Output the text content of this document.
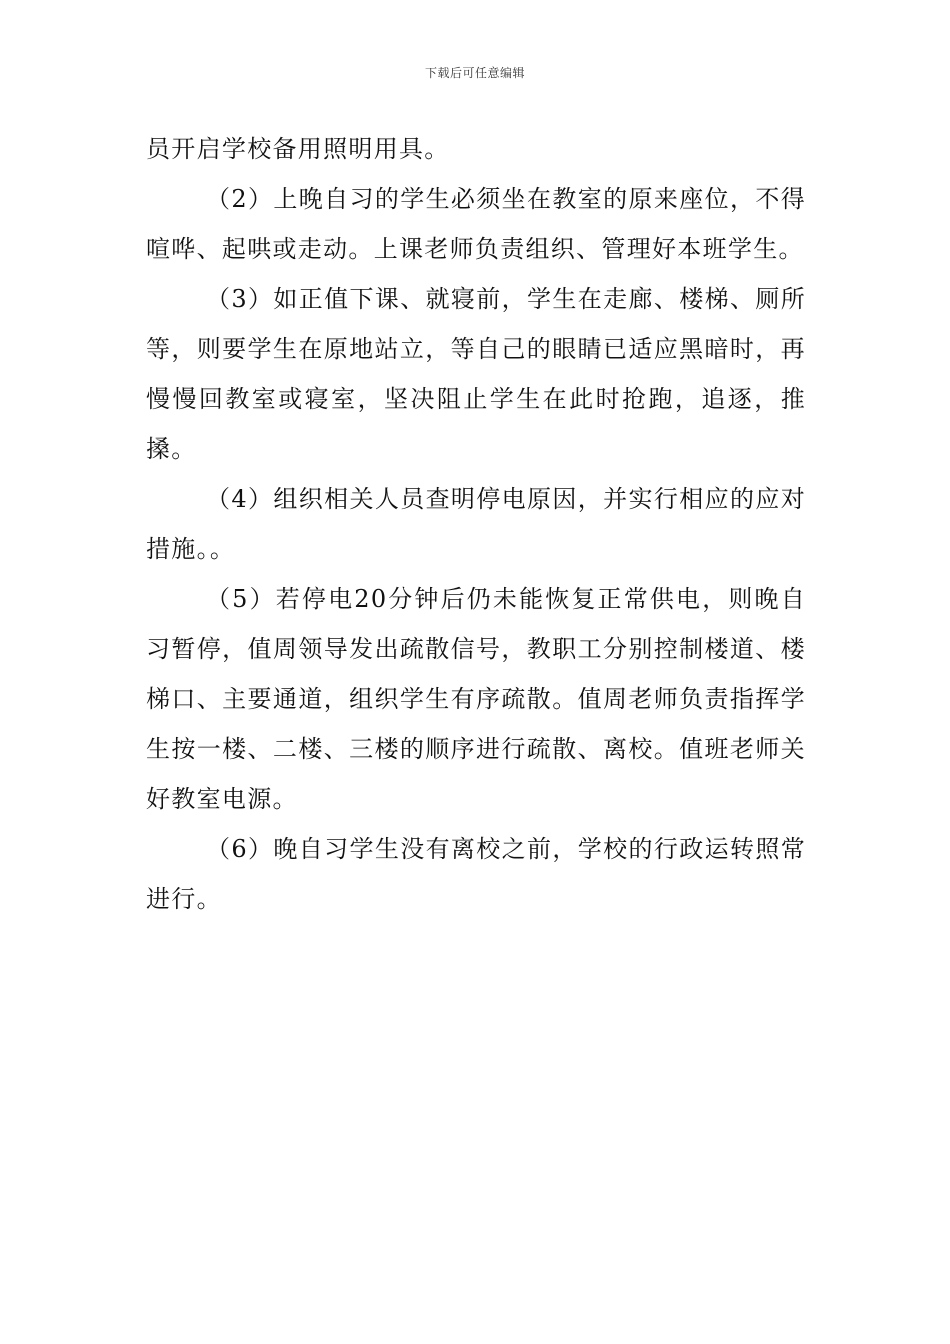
下载后可任意编辑

员开启学校备用照明用具。

（2）上晚自习的学生必须坐在教室的原来座位，不得喧哗、起哄或走动。上课老师负责组织、管理好本班学生。

（3）如正值下课、就寝前，学生在走廊、楼梯、厕所等，则要学生在原地站立，等自己的眼睛已适应黑暗时，再慢慢回教室或寝室，坚决阻止学生在此时抢跑，追逐，推搡。

（4）组织相关人员查明停电原因，并实行相应的应对措施。。

（5）若停电20分钟后仍未能恢复正常供电，则晚自习暂停，值周领导发出疏散信号，教职工分别控制楼道、楼梯口、主要通道，组织学生有序疏散。值周老师负责指挥学生按一楼、二楼、三楼的顺序进行疏散、离校。值班老师关好教室电源。

（6）晚自习学生没有离校之前，学校的行政运转照常进行。
